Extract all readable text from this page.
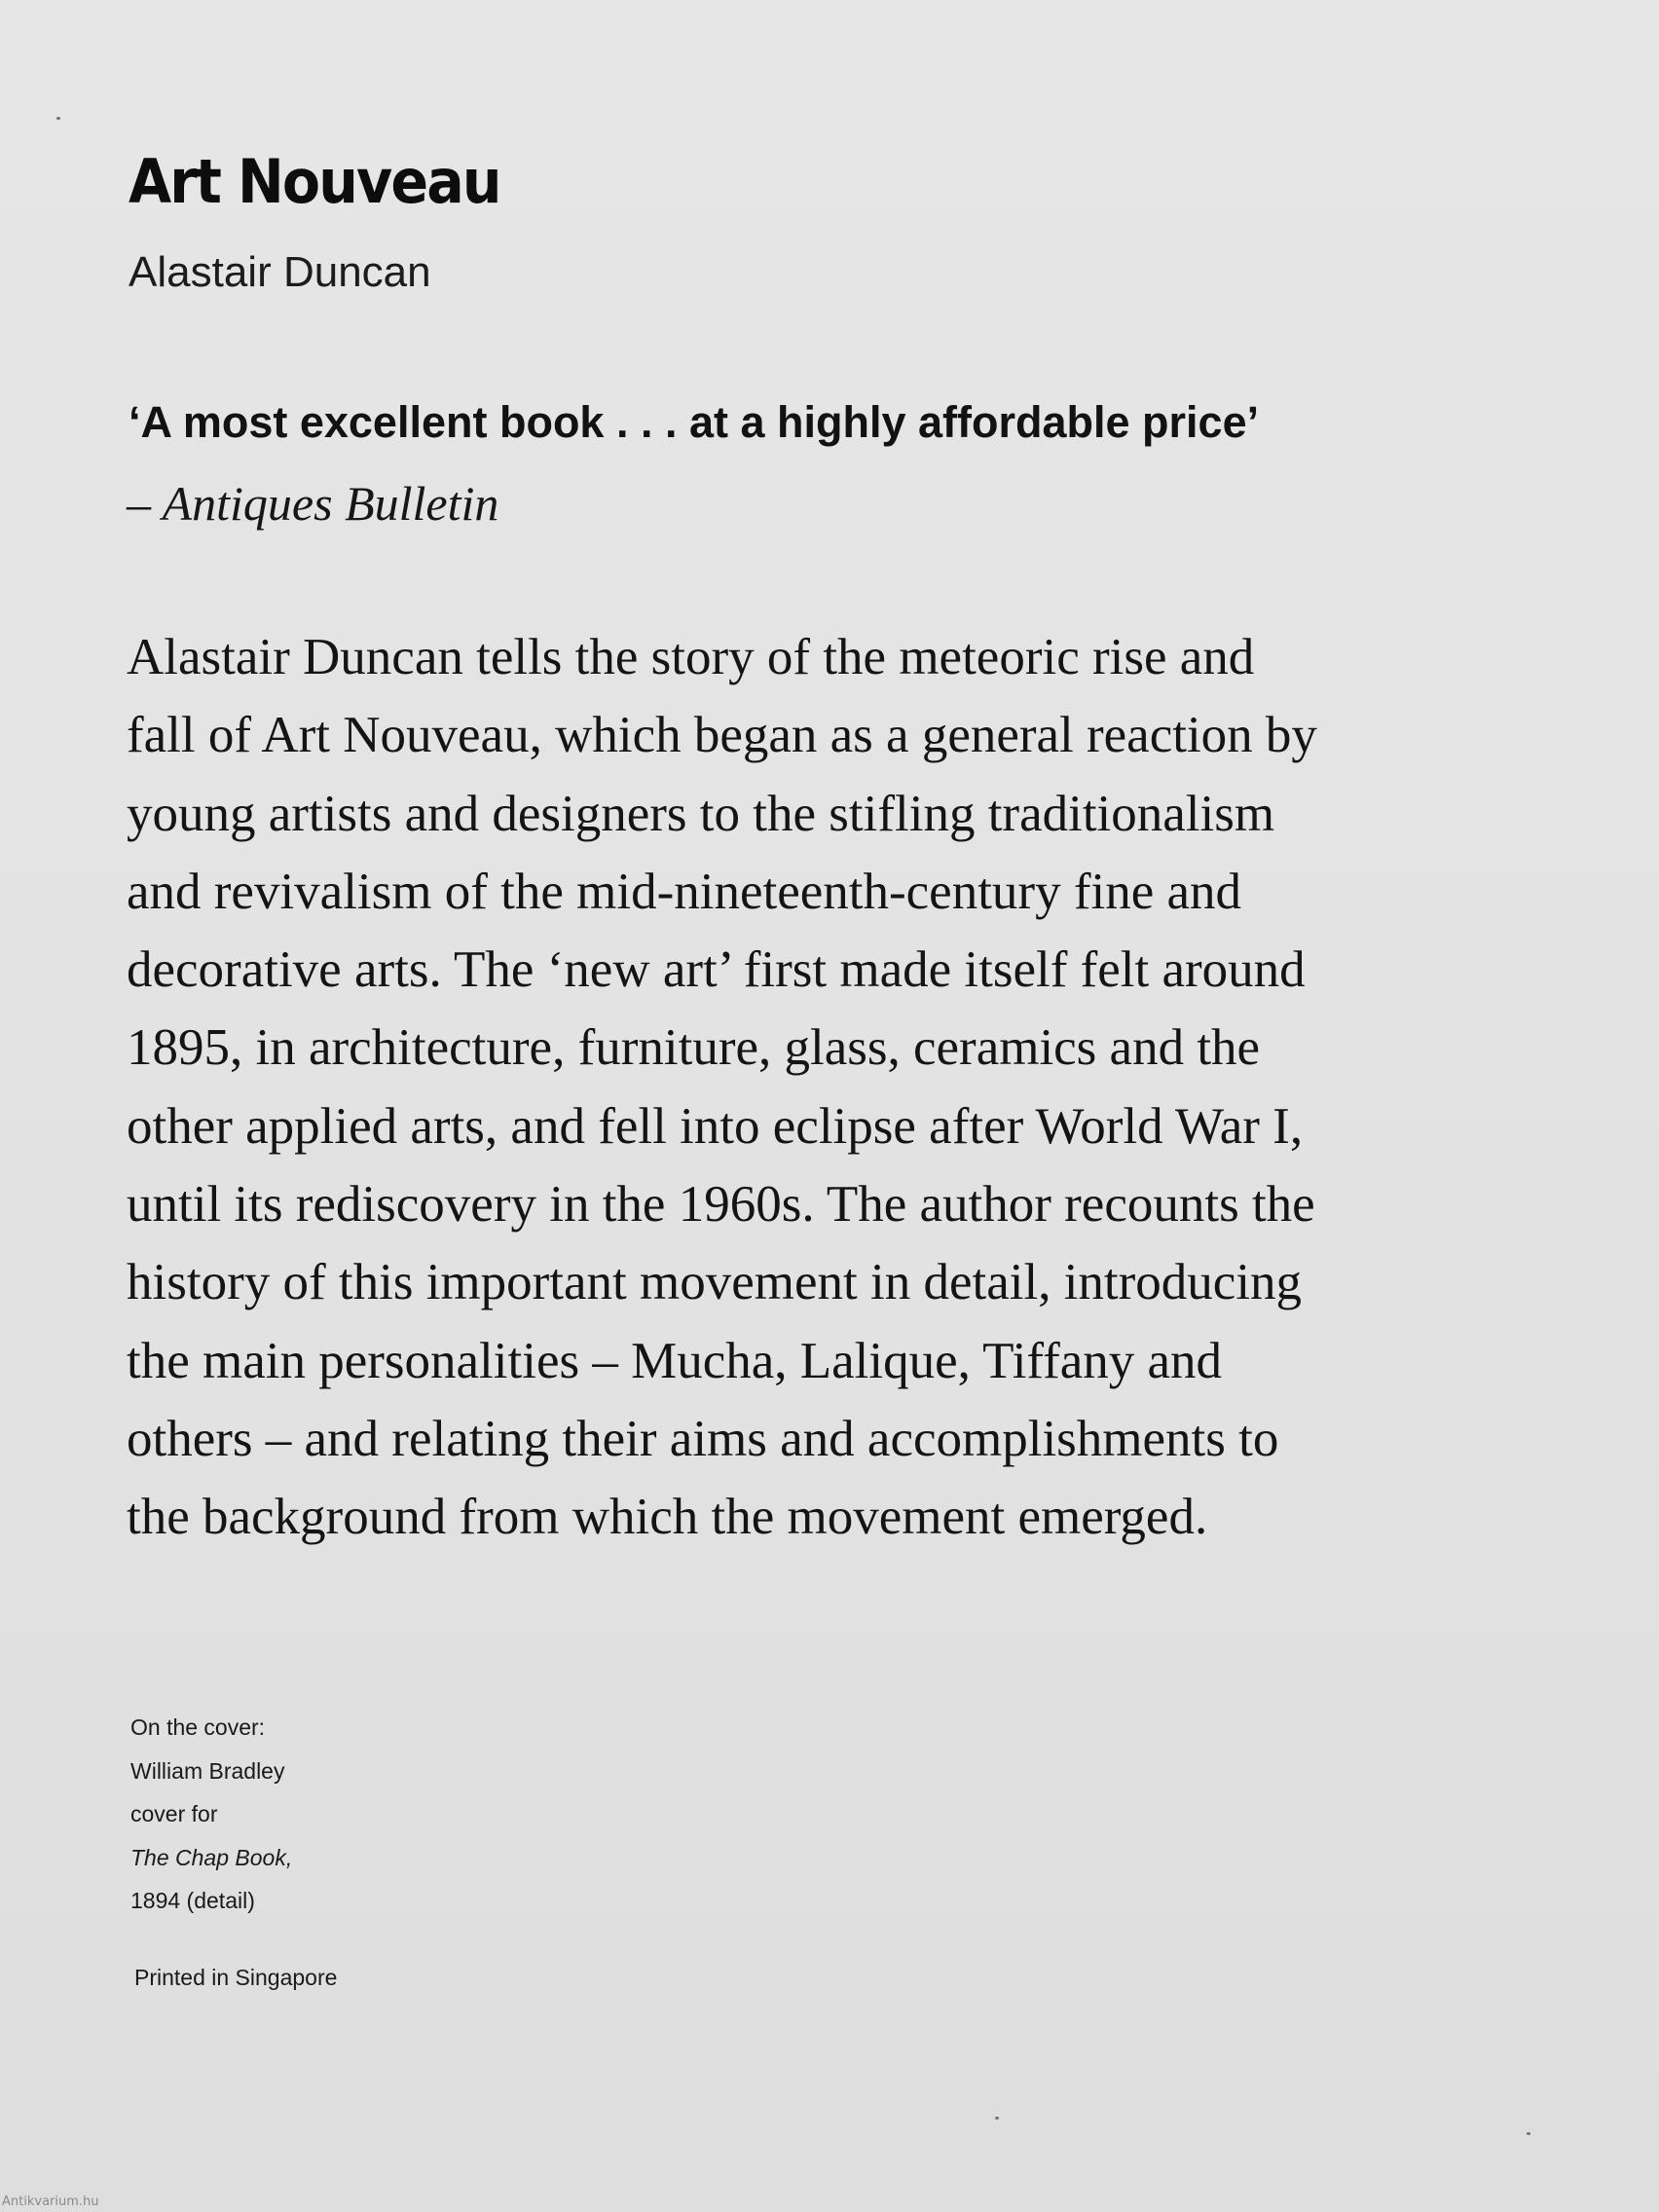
Art Nouveau

Alastair Duncan

‘A most excellent book . . . at a highly affordable price’

– Antiques Bulletin

Alastair Duncan tells the story of the meteoric rise and
fall of Art Nouveau, which began as a general reaction by
young artists and designers to the stifling traditionalism
and revivalism of the mid-nineteenth-century fine and
decorative arts. The ‘new art’ first made itself felt around
1895, in architecture, furniture, glass, ceramics and the
other applied arts, and fell into eclipse after World War I,
until its rediscovery in the 1960s. The author recounts the
history of this important movement in detail, introducing
the main personalities – Mucha, Lalique, Tiffany and
others – and relating their aims and accomplishments to
the background from which the movement emerged.
On the cover:
William Bradley
cover for
The Chap Book,
1894 (detail)

Printed in Singapore

Antikvarium.hu
